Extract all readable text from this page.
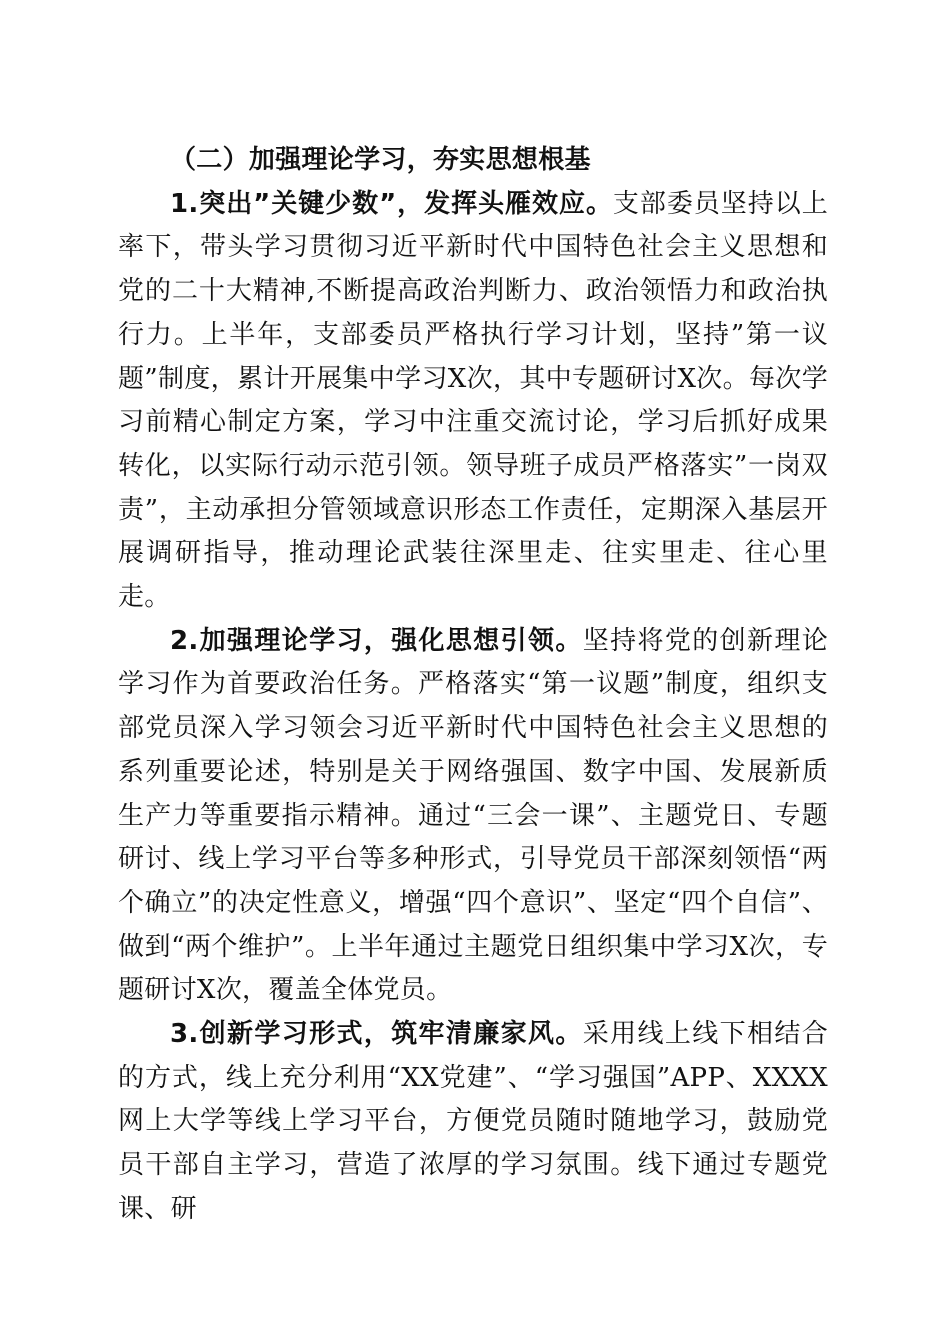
（二）加强理论学习，夯实思想根基

1.突出”关键少数”，发挥头雁效应。支部委员坚持以上率下，带头学习贯彻习近平新时代中国特色社会主义思想和党的二十大精神,不断提高政治判断力、政治领悟力和政治执行力。上半年，支部委员严格执行学习计划，坚持”第一议题”制度，累计开展集中学习X次，其中专题研讨X次。每次学习前精心制定方案，学习中注重交流讨论，学习后抓好成果转化，以实际行动示范引领。领导班子成员严格落实”一岗双责”，主动承担分管领域意识形态工作责任，定期深入基层开展调研指导，推动理论武装往深里走、往实里走、往心里走。

2.加强理论学习，强化思想引领。坚持将党的创新理论学习作为首要政治任务。严格落实“第一议题”制度，组织支部党员深入学习领会习近平新时代中国特色社会主义思想的系列重要论述，特别是关于网络强国、数字中国、发展新质生产力等重要指示精神。通过“三会一课”、主题党日、专题研讨、线上学习平台等多种形式，引导党员干部深刻领悟“两个确立”的决定性意义，增强“四个意识”、坚定“四个自信”、做到“两个维护”。上半年通过主题党日组织集中学习X次，专题研讨X次，覆盖全体党员。

3.创新学习形式，筑牢清廉家风。采用线上线下相结合的方式，线上充分利用“XX党建”、“学习强国”APP、XXXX网上大学等线上学习平台，方便党员随时随地学习，鼓励党员干部自主学习，营造了浓厚的学习氛围。线下通过专题党课、研
